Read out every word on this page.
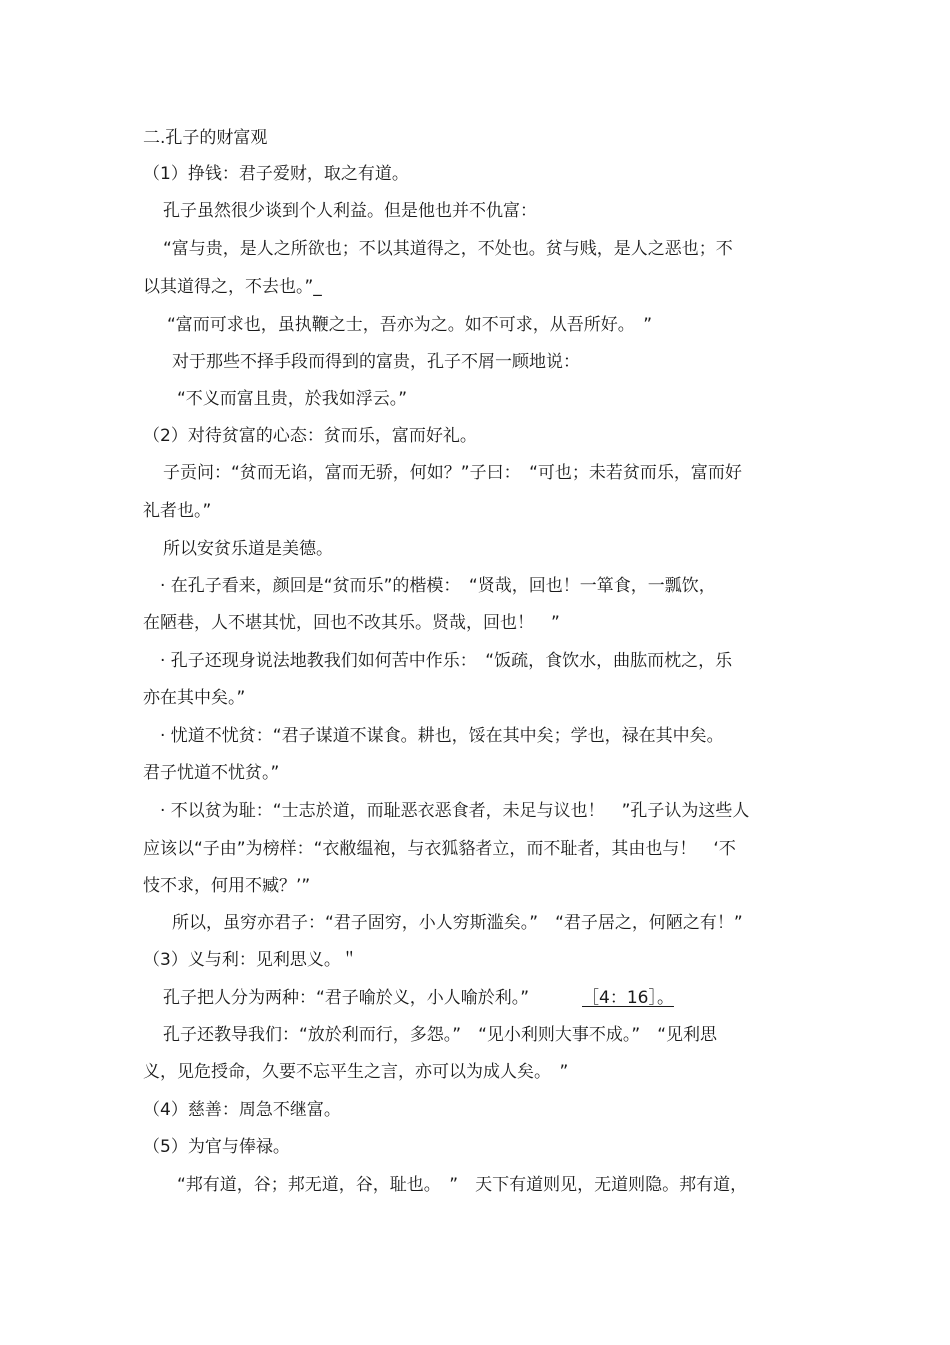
二.孔子的财富观
（1）挣钱：君子爱财，取之有道。
孔子虽然很少谈到个人利益。但是他也并不仇富：
“富与贵，是人之所欲也；不以其道得之，不处也。贫与贱，是人之恶也；不
以其道得之，不去也。”_
“富而可求也，虽执鞭之士，吾亦为之。如不可求，从吾所好。　”
对于那些不择手段而得到的富贵，孔子不屑一顾地说：
“不义而富且贵，於我如浮云。”
（2）对待贫富的心态：贫而乐，富而好礼。
子贡问：“贫而无谄，富而无骄，何如？”子曰：　“可也；未若贫而乐，富而好
礼者也。”
所以安贫乐道是美德。
· 在孔子看来，颜回是“贫而乐”的楷模：　“贤哉，回也！一箪食，一瓢饮，
在陋巷，人不堪其忧，回也不改其乐。贤哉，回也！　”
· 孔子还现身说法地教我们如何苦中作乐：　“饭疏，食饮水，曲肱而枕之，乐
亦在其中矣。”
· 忧道不忧贫：“君子谋道不谋食。耕也，馁在其中矣；学也，禄在其中矣。
君子忧道不忧贫。”
· 不以贫为耻：“士志於道，而耻恶衣恶食者，未足与议也！　”孔子认为这些人
应该以“子由”为榜样：“衣敝缊袍，与衣狐貉者立，而不耻者，其由也与！　‘不
忮不求，何用不臧？’”
所以，虽穷亦君子：“君子固穷，小人穷斯滥矣。”　“君子居之，何陋之有！”
（3）义与利：见利思义。＂
孔子把人分为两种：“君子喻於义，小人喻於利。”	［4：16］。
孔子还教导我们：“放於利而行，多怨。”　“见小利则大事不成。”　“见利思
义，见危授命，久要不忘平生之言，亦可以为成人矣。　”
（4）慈善：周急不继富。
（5）为官与俸禄。
“邦有道，谷；邦无道，谷，耻也。　”　天下有道则见，无道则隐。邦有道，
